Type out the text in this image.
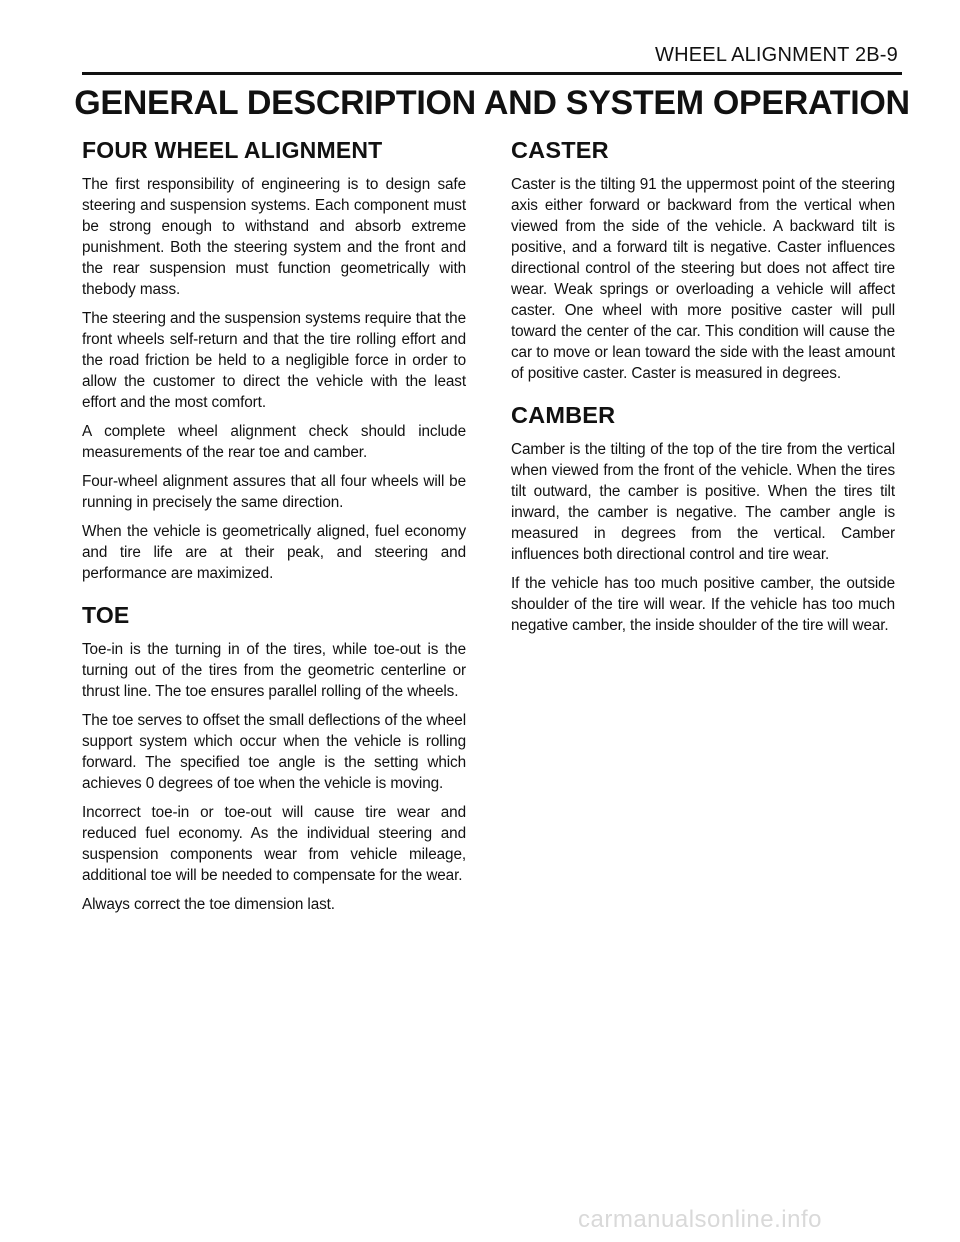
WHEEL ALIGNMENT 2B-9
GENERAL DESCRIPTION AND SYSTEM OPERATION
FOUR WHEEL ALIGNMENT

The first responsibility of engineering is to design safe steering and suspension systems. Each component must be strong enough to withstand and absorb extreme punishment. Both the steering system and the front and the rear suspension must function geometrically with thebody mass.

The steering and the suspension systems require that the front wheels self-return and that the tire rolling effort and the road friction be held to a negligible force in order to allow the customer to direct the vehicle with the least effort and the most comfort.

A complete wheel alignment check should include measurements of the rear toe and camber.

Four-wheel alignment assures that all four wheels will be running in precisely the same direction.

When the vehicle is geometrically aligned, fuel economy and tire life are at their peak, and steering and performance are maximized.

TOE

Toe-in is the turning in of the tires, while toe-out is the turning out of the tires from the geometric centerline or thrust line. The toe ensures parallel rolling of the wheels.

The toe serves to offset the small deflections of the wheel support system which occur when the vehicle is rolling forward. The specified toe angle is the setting which achieves 0 degrees of toe when the vehicle is moving.

Incorrect toe-in or toe-out will cause tire wear and reduced fuel economy. As the individual steering and suspension components wear from vehicle mileage, additional toe will be needed to compensate for the wear.

Always correct the toe dimension last.

CASTER

Caster is the tilting 91 the uppermost point of the steering axis either forward or backward from the vertical when viewed from the side of the vehicle. A backward tilt is positive, and a forward tilt is negative. Caster influences directional control of the steering but does not affect tire wear. Weak springs or overloading a vehicle will affect caster. One wheel with more positive caster will pull toward the center of the car. This condition will cause the car to move or lean toward the side with the least amount of positive caster. Caster is measured in degrees.

CAMBER

Camber is the tilting of the top of the tire from the vertical when viewed from the front of the vehicle. When the tires tilt outward, the camber is positive. When the tires tilt inward, the camber is negative. The camber angle is measured in degrees from the vertical. Camber influences both directional control and tire wear.

If the vehicle has too much positive camber, the outside shoulder of the tire will wear. If the vehicle has too much negative camber, the inside shoulder of the tire will wear.

carmanualsonline.info
